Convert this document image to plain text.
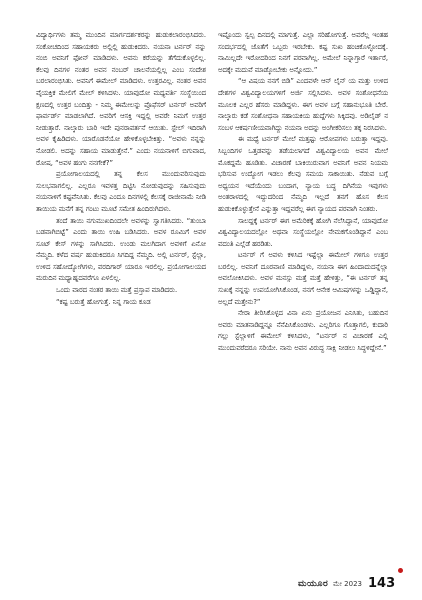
ವಿದ್ಯಾರ್ಥಿಗಳು ತಮ್ಮ ಮುಂದಿನ ಮಾರ್ಗದರ್ಶಕರನ್ನು ಹುಡುಕಲಾರಂಭಿಸಿದರು. ಸಂಕೋಚದಿಂದ ಸಹಾಯಕರು ಅಲ್ಲಿಲ್ಲಿ ಹುಡುಕಿದರು. ನಯನಾ ಟರ್ನರ್ ನನ್ನು ನಂಬಿ ಅವನಿಗೆ ಫೋನ್ ಮಾಡಿದಳು. ಅವನು ಕರೆಯನ್ನು ತೆಗೆದುಕೊಳ್ಳಲಿಲ್ಲ. ಕೆಲವು ದಿನಗಳ ನಂತರ ಅವನ ನಂಬರ್ ಚಾಲನೆಯಲ್ಲಿಲ್ಲ ಎಂಬ ಸಂದೇಶ ಬರಲಾರಂಭಿಸಿತು. ಅವನಿಗೆ ಈಮೇಲ್ ಮಾಡಿದಳು. ಉತ್ತರವಿಲ್ಲ. ನಂತರ ಅವನ ವೈಯಕ್ತಿಕ ಮೇಲಿಗೆ ಮೇಲ್ ಕಳಿಸಿದಳು. ಯಾವುದೋ ಮಧ್ಯವರ್ತಿ ಸಂಸ್ಥೆಯಿಂದ ಕ್ಷಣದಲ್ಲಿ ಉತ್ತರ ಬಂದಿತ್ತು - ನಿಮ್ಮ ಈಮೇಲನ್ನು ಪ್ರೊಫೆಸರ್ ಟರ್ನರ್ ಅವರಿಗೆ ಫಾರ್ವರ್ಡ್ ಮಾಡಲಾಗಿದೆ. ಅವರಿಗೆ ಆಸಕ್ತಿ ಇದ್ದಲ್ಲಿ ಅವರೇ ನಿಮಗೆ ಉತ್ತರ ನೀಡುತ್ತಾರೆ. ನಾಲ್ಕಾರು ಬಾರಿ ಇದೇ ಪುನರಾವರ್ತನೆ ಆಯಿತು. ಸ್ಟೇಲ್ ಇದಿರಾಗಿ ಅವಳ ಕೈಹಿಡಿದಳು. ಯಾರೊಡನೆಯೋ ಹೇಳಿಕೊಳ್ಳಬೇಕಿತ್ತು. “ಅವಳು ನನ್ನನ್ನು ನೋಡಲಿ. ಅದನ್ನು ಸಹಾಯ ಮಾಡುತ್ತೇನೆ.” ಎಂದು ನಯನಾಳಿಗೆ ಬಿಗುವಾದ, ರೋಷ, “ಅವಳ ಹಂಗು ನನಗೇಕೆ?”

ಪ್ರಯೋಗಾಲಯದಲ್ಲಿ ತನ್ನ ಕೆಲಸ ಮುಂದುವರಿಸುವುದು ಸುಲಭವಾಗಲಿಲ್ಲ. ಎಲ್ಲರೂ ಇವಳತ್ತ ದಿಟ್ಟಿಸಿ ನೋಡುವುದನ್ನು ಸಹಿಸುವುದು ನಯನಾಳಿಗೆ ಕಷ್ಟವೆನಿಸಿತು. ಕೆಲವು ಎಂದೂ ದಿನಗಳಲ್ಲಿ ಕೆಲಸಕ್ಕೆ ರಾಜೀನಾಮೆ ನೀಡಿ ತಾಯಿಯ ಮನೆಗೆ ತನ್ನ ಗಂಟು ಮೂಟೆ ಸಮೇತ ಹಿಂದಿರುಗಿದಳು.

ತಂದೆ ತಾಯಿ ನಗುಮುಖದಿಂದಲೇ ಅವಳನ್ನು ಸ್ವಾಗತಿಸಿದರು. “ತುಂಬಾ ಬಡವಾಗಿಬಿಟ್ಟೆ” ಎಂದು ತಾಯಿ ಉಹಿ ಬಡಿಸಿದರು. ಅವಳ ರೂಮಿಗೆ ಅವಳ ಸೂಟ್ ಕೇಸ್ ಗಳನ್ನು ಸಾಗಿಸಿದರು. ಉಂಡು ಮಲಗಿದಾಗ ಅವಳಿಗೆ ಏನೋ ನೆಮ್ಮದಿ. ಕಳೆದ ವರ್ಷ ಹುಡುಕಿದರೂ ಸಿಗದಿದ್ದ ನೆಮ್ಮದಿ. ಅಲ್ಲಿ ಟರ್ನರ್, ಸ್ಟೆಲ್ಲಾ, ಉಳಿದ ಸಹೋದ್ಯೋಗಿಗಳು, ವರದಿಗಾರ್ ಯಾರೂ ಇರಲಿಲ್ಲ. ಪ್ರಯೋಗಾಲಯದ ಮರುದಿನ ಮಧ್ಯಾಹ್ನದವರೆಗೂ ಏಳಲಿಲ್ಲ.

ಒಂದು ವಾರದ ನಂತರ ತಾಯಿ ಮತ್ತೆ ಪ್ರಸ್ತಾಪ ಮಾಡಿದರು.

“ಕಷ್ಟ ಬರುತ್ತೆ ಹೋಗುತ್ತೆ. ನಿನ್ನ ಗಾಯ ಕೂಡ

ಇಷ್ಟೊಂದು ಸ್ವಲ್ಪ ದಿನದಲ್ಲಿ ಮಾಗುತ್ತೆ. ಎಲ್ಲಾ ಸರಿಹೋಗುತ್ತೆ. ಅವರೆಲ್ಲ ಇಂತಹ ಸಂದರ್ಭದಲ್ಲಿ ಜೊತೆಗೆ ಒಬ್ಬರು ಇರಬೇಕು. ಕಷ್ಟ ಸುಖ ಹಂಚಿಕೊಳ್ಳೋದಕ್ಕೆ. ನಾಮಿಲ್ಲದೇ ಇರೋದರಿಂದ ನಿನಗೆ ಪರವಾಗಿಲ್ಲ. ಅಮೇಲೆ ನಿನ್ನಾಗ್ತಾರೆ ಇರ್ತಾರೆ, ಅದಕ್ಕೇ ಮದುವೆ ಮಾಡ್ಕೋಬೇಕು ಅನ್ನೋದು.”

“ಆ ವಿಷಯ ನನಗೆ ಬಿಡಿ” ಎಂದವಳೇ ಆನ್ ಲೈನ್ ಯ ಮತ್ತು ಉಳಿದ ದೇಶಗಳ ವಿಶ್ವವಿದ್ಯಾಲಯಗಳಿಗೆ ಅರ್ಜಿ ಸಲ್ಲಿಸಿದಳು. ಅವಳ ಸಂಶೋಧನೆಯ ಮೂಲಕ ಎಲ್ಲರ ಹೆಸರು ಮಾಡಿದ್ದಳು. ಈಗ ಅವಳ ಬಗ್ಗೆ ಸಹಾನುಭೂತಿ ಬೇರೆ. ನಾಲ್ಕಾರು ಕಡೆ ಸಂಶೋಧನಾ ಸಹಾಯಕಿಯ ಹುದ್ದೆಗಳು ಸಿಕ್ಕಿದವು. ಅಡಿಲೈಡ್ ನ ಸಂಬಳ ಆಕರ್ಷಣೀಯವಾಗಿದ್ದು ನಯನಾ ಅದನ್ನು ಅಂಗೀಕರಿಸಲು ತಕ್ಕ ನಿರಸಿದಳು.

ಈ ಮಧ್ಯೆ ಟರ್ನರ್ ಮೇಲೆ ಮತ್ತಷ್ಟು ಆರೋಪಗಳು ಬರುತ್ತಾ ಇದ್ದವು. ಸಿಬ್ಬಂದಿಗಳ ಒತ್ತಡವನ್ನು ತಡೆಯಲಾಗದೆ ವಿಶ್ವವಿದ್ಯಾಲಯ ಅವನ ಮೇಲೆ ಮೊಕದ್ದಮೆ ಹೂಡಿತು. ವಿಚಾರಣೆ ಬಾಕಿಯಿರುವಾಗ ಅವನಿಗೆ ಅವನ ನಿಯಮ ಭರಿಸುವ ಉದ್ಯೋಗ ಇಡಲು ಕೆಲವು ಸಮಯ ಸಾಕಾಯಿತು. ನೆಡುವ ಬಗ್ಗೆ ಅಧ್ಯಯನ ಇದೆಯೆಂದು ಬಂದಾಗ, ನ್ಯಾಯ ಬದ್ಧ ದಿಗಿನೆಯ ಇವುಗಳು ಅಂತರಾಳದಲ್ಲಿ ಇದ್ದುದರಿಂದ ನೆಮ್ಮದಿ ಇಲ್ಲದೆ ತನಗೆ ಹೊಸ ಕೆಲಸ ಹುಡುಕಿಕೊಳ್ಳುತ್ತೇನೆ ಎನ್ನುತ್ತಾ ಇದ್ದವರೆಲ್ಲ ಈಗ ನ್ಯಾಯದ ಪರವಾಗಿ ನಿಂತರು.

ಸಾಲದ್ದಕ್ಕೆ ಟರ್ನರ್ ಈಗ ಅಮೆರಿಕಕ್ಕೆ ಹೋಗಿ ನೆಲೆಸಿದ್ದಾನೆ, ಯಾವುದೋ ವಿಶ್ವವಿದ್ಯಾಲಯದಲ್ಲೋ ಅಥವಾ ಸಂಸ್ಥೆಯಲ್ಲೋ ನೇಮಕಗೊಂಡಿದ್ದಾನೆ ಎಂಬ ವದಂತಿ ಎಲ್ಲೆಡೆ ಹರಡಿತು.

ಟರ್ನರ್ ಗೆ ಅವಳು ಕಳಿಸಿದ ಇಷ್ಟೆಲ್ಲಾ ಈಮೇಲ್ ಗಳಿಗೂ ಉತ್ತರ ಬರಲಿಲ್ಲ. ಅವನಿಗೆ ದೂರವಾಣಿ ಮಾಡಿದ್ದಳು, ನಯನಾ ಈಗ ಹಿಂದಾದುದನ್ನೆಲ್ಲಾ ಅವಲೋಕಿಸಿದಳು. ಅವಳ ಮನಸ್ಸು ಮತ್ತೆ ಮತ್ತೆ ಹೇಳಿತ್ತು, “ಈ ಟರ್ನರ್ ತನ್ನ ಸುಖಕ್ಕೆ ನನ್ನನ್ನು ಉಪಯೋಗಿಸಿಕೊಂಡ, ನನಗೆ ಆನೇಕ ಆಮಿಷಗಳನ್ನು ಒಡ್ಡಿದ್ದಾನೆ, ಅಲ್ಲದೆ ಮತ್ತೇನು?”

ನೇರಾ ತೀರಿಸಿಕೊಳ್ಳದ ವಿನಾ ಏನು ಪ್ರಯೋಜನ ಎನಿಸಿತು, ಬಹುದಿನ ಅವರು ಮಾತನಾಡಿದ್ದನ್ನೂ ನೆನೆಪಿಸಿಕೊಂಡಳು. ಎಲ್ಲರಿಗೂ ಗೊತ್ತಾಗಲಿ, ಕುದಾರಿ ಗಲ್ಲು ಸ್ಟೆಲ್ಲಾಳಿಗೆ ಈಮೇಲ್ ಕಳಿಸಿದಳು, “ಟರ್ನರ್ ನ ವಿಚಾರಣೆ ಎಲ್ಲಿ ಮುಂದುವರೆದರೂ ಸರಿಯೇ. ನಾನು ಅವನ ವಿರುದ್ಧ ಸಾಕ್ಷಿ ನೀಡಲು ಸಿದ್ಧಳಿದ್ದೇನೆ.”

ಮಯೂರ ಮೇ 2023 143
